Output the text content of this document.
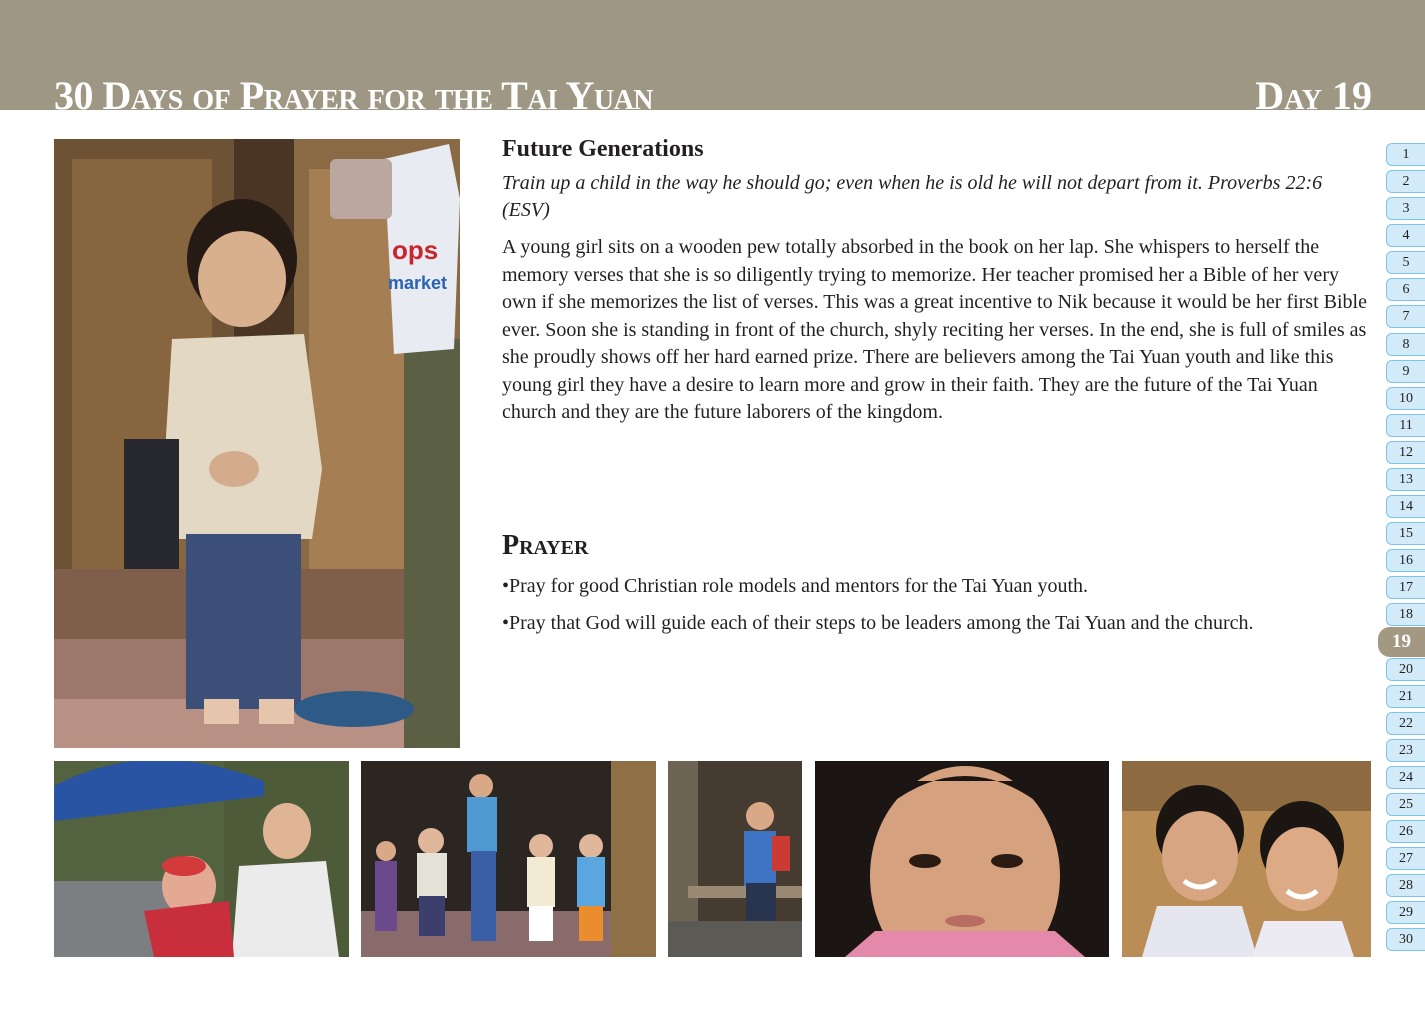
30 Days of Prayer for the Tai Yuan	Day 19
ops
market
Future Generations

Train up a child in the way he should go; even when he is old he will not depart from it. Proverbs 22:6 (ESV)

A young girl sits on a wooden pew totally absorbed in the book on her lap. She whispers to herself the memory verses that she is so diligently trying to memorize. Her teacher promised her a Bible of her very own if she memorizes the list of verses. This was a great incentive to Nik because it would be her first Bible ever. Soon she is standing in front of the church, shyly reciting her verses. In the end, she is full of smiles as she proudly shows off her hard earned prize. There are believers among the Tai Yuan youth and like this young girl they have a desire to learn more and grow in their faith. They are the future of the Tai Yuan church and they are the future laborers of the kingdom.

Prayer

•Pray for good Christian role models and mentors for the Tai Yuan youth.

•Pray that God will guide each of their steps to be leaders among the Tai Yuan and the church.

1
2
3
4
5
6
7
8
9
10
11
12
13
14
15
16
17
18
19
20
21
22
23
24
25
26
27
28
29
30
